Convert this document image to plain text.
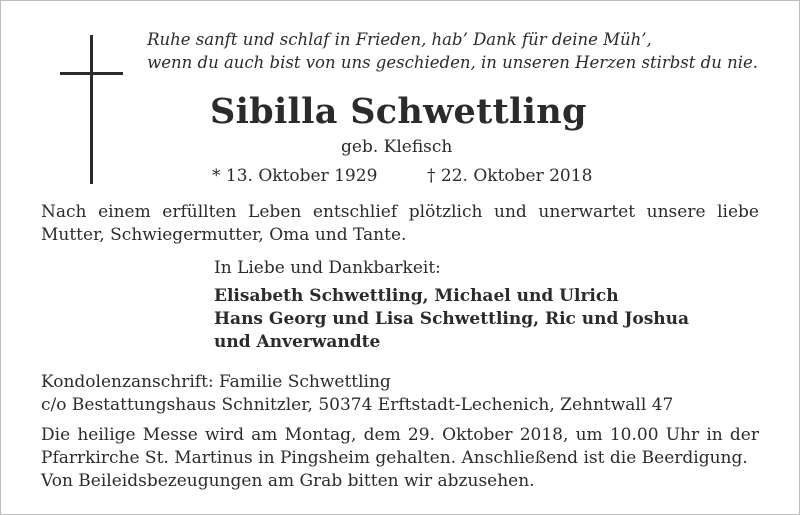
Ruhe sanft und schlaf in Frieden, hab’ Dank für deine Müh’,
wenn du auch bist von uns geschieden, in unseren Herzen stirbst du nie.
Sibilla Schwettling
geb. Klefisch
* 13. Oktober 1929	† 22. Oktober 2018
Nach einem erfüllten Leben entschlief plötzlich und unerwartet unsere liebe Mutter, Schwiegermutter, Oma und Tante.
In Liebe und Dankbarkeit:
Elisabeth Schwettling, Michael und Ulrich
Hans Georg und Lisa Schwettling, Ric und Joshua
und Anverwandte
Kondolenzanschrift: Familie Schwettling
c/o Bestattungshaus Schnitzler, 50374 Erftstadt-Lechenich, Zehntwall 47
Die heilige Messe wird am Montag, dem 29. Oktober 2018, um 10.00 Uhr in der Pfarrkirche St. Martinus in Pingsheim gehalten. Anschließend ist die Beerdigung.
Von Beileidsbezeugungen am Grab bitten wir abzusehen.
